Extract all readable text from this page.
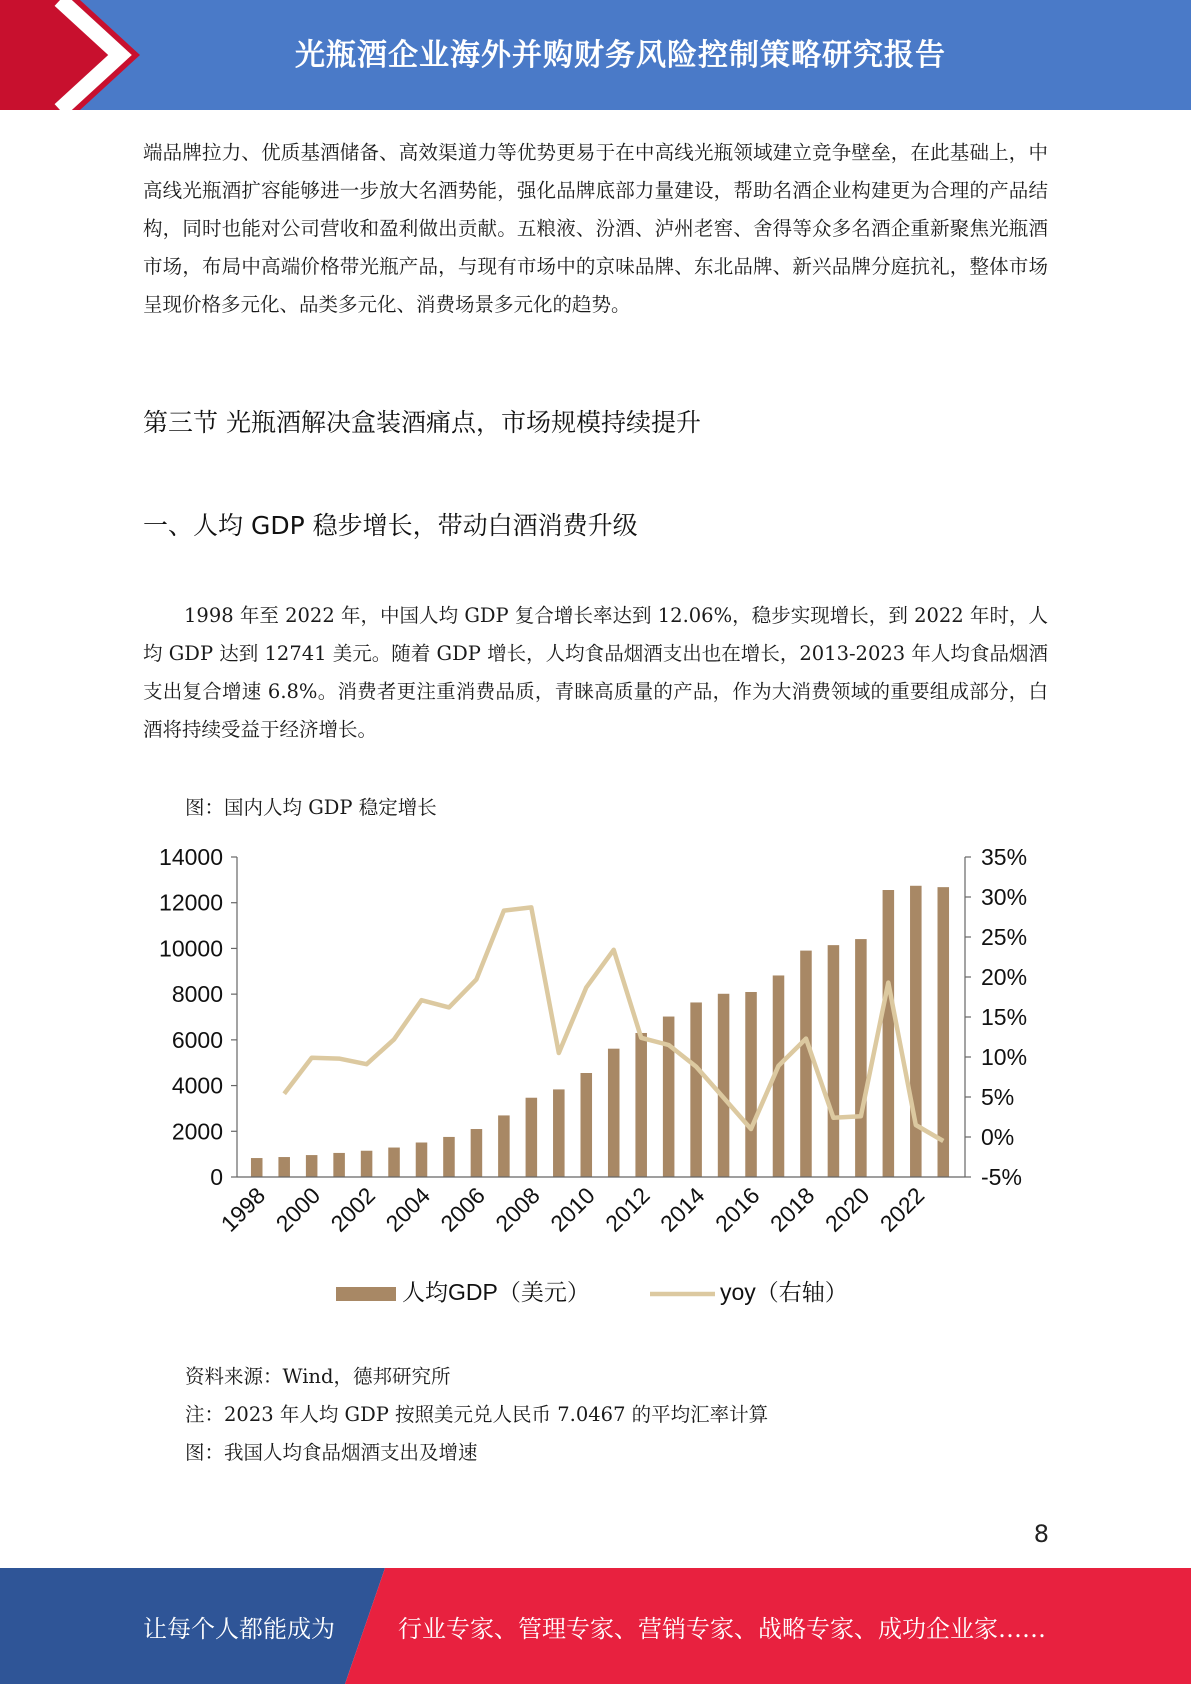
光瓶酒企业海外并购财务风险控制策略研究报告
端品牌拉力、优质基酒储备、高效渠道力等优势更易于在中高线光瓶领域建立竞争壁垒，在此基础上，中高线光瓶酒扩容能够进一步放大名酒势能，强化品牌底部力量建设，帮助名酒企业构建更为合理的产品结构，同时也能对公司营收和盈利做出贡献。五粮液、汾酒、泸州老窖、舍得等众多名酒企重新聚焦光瓶酒市场，布局中高端价格带光瓶产品，与现有市场中的京味品牌、东北品牌、新兴品牌分庭抗礼，整体市场呈现价格多元化、品类多元化、消费场景多元化的趋势。
第三节 光瓶酒解决盒装酒痛点，市场规模持续提升
一、人均 GDP 稳步增长，带动白酒消费升级
1998 年至 2022 年，中国人均 GDP 复合增长率达到 12.06%，稳步实现增长，到 2022 年时，人均 GDP 达到 12741 美元。随着 GDP 增长，人均食品烟酒支出也在增长，2013-2023 年人均食品烟酒支出复合增速 6.8%。消费者更注重消费品质，青睐高质量的产品，作为大消费领域的重要组成部分，白酒将持续受益于经济增长。
图：国内人均 GDP 稳定增长
0
2000
4000
6000
8000
10000
12000
14000
-5%
0%
5%
10%
15%
20%
25%
30%
35%
1998 2000 2002 2004 2006 2008 2010 2012 2014 2016 2018 2020 2022
人均GDP（美元）	yoy（右轴）
资料来源：Wind，德邦研究所
注：2023 年人均 GDP 按照美元兑人民币 7.0467 的平均汇率计算
图：我国人均食品烟酒支出及增速
8
让每个人都能成为	行业专家、管理专家、营销专家、战略专家、成功企业家……
